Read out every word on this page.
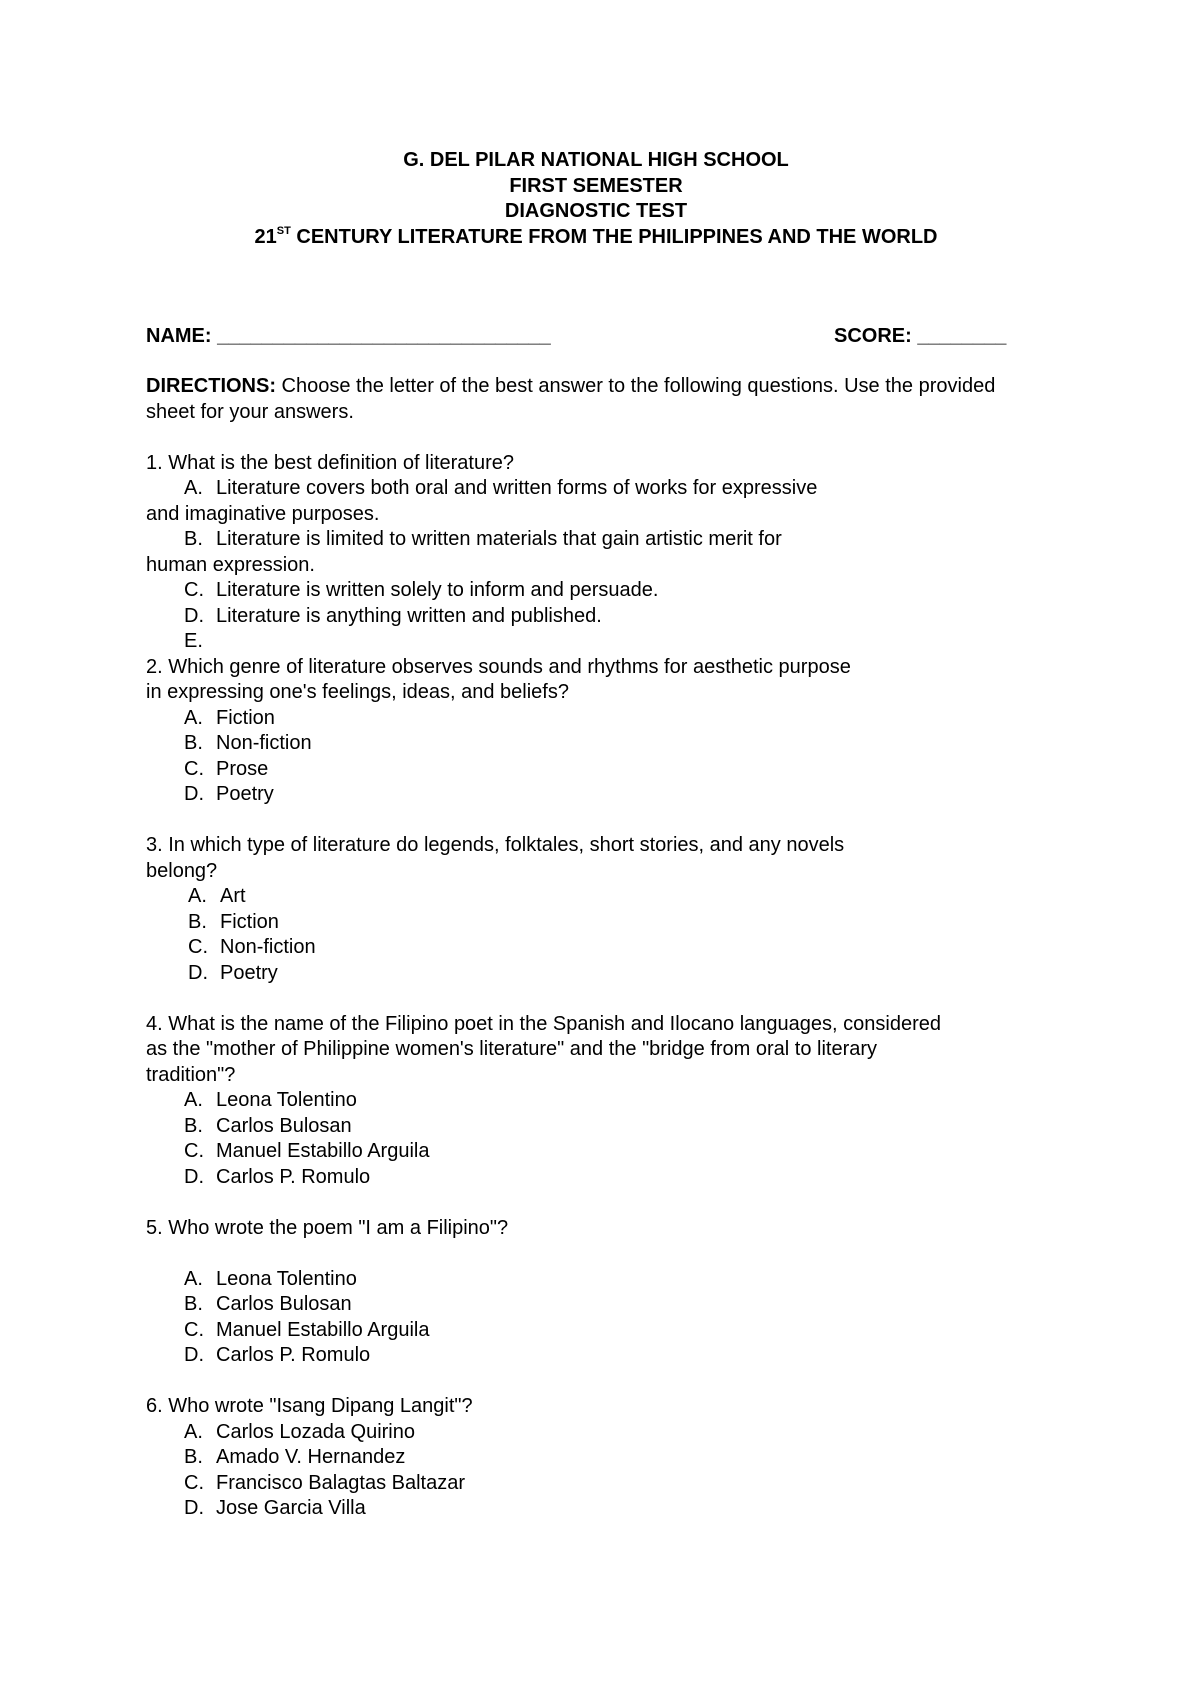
G. DEL PILAR NATIONAL HIGH SCHOOL
FIRST SEMESTER
DIAGNOSTIC TEST
21ST CENTURY LITERATURE FROM THE PHILIPPINES AND THE WORLD
NAME: ______________________________	SCORE: ________
DIRECTIONS: Choose the letter of the best answer to the following questions. Use the provided sheet for your answers.
1. What is the best definition of literature?
A. Literature covers both oral and written forms of works for expressive
and imaginative purposes.
B. Literature is limited to written materials that gain artistic merit for
human expression.
C. Literature is written solely to inform and persuade.
D. Literature is anything written and published.
E.
2. Which genre of literature observes sounds and rhythms for aesthetic purpose
in expressing one's feelings, ideas, and beliefs?
A. Fiction
B. Non-fiction
C. Prose
D. Poetry
3. In which type of literature do legends, folktales, short stories, and any novels
belong?
A. Art
B. Fiction
C. Non-fiction
D. Poetry
4. What is the name of the Filipino poet in the Spanish and Ilocano languages, considered
as the "mother of Philippine women's literature" and the "bridge from oral to literary
tradition"?
A. Leona Tolentino
B. Carlos Bulosan
C. Manuel Estabillo Arguila
D. Carlos P. Romulo
5. Who wrote the poem "I am a Filipino"?
A. Leona Tolentino
B. Carlos Bulosan
C. Manuel Estabillo Arguila
D. Carlos P. Romulo
6. Who wrote "Isang Dipang Langit"?
A. Carlos Lozada Quirino
B. Amado V. Hernandez
C. Francisco Balagtas Baltazar
D. Jose Garcia Villa
